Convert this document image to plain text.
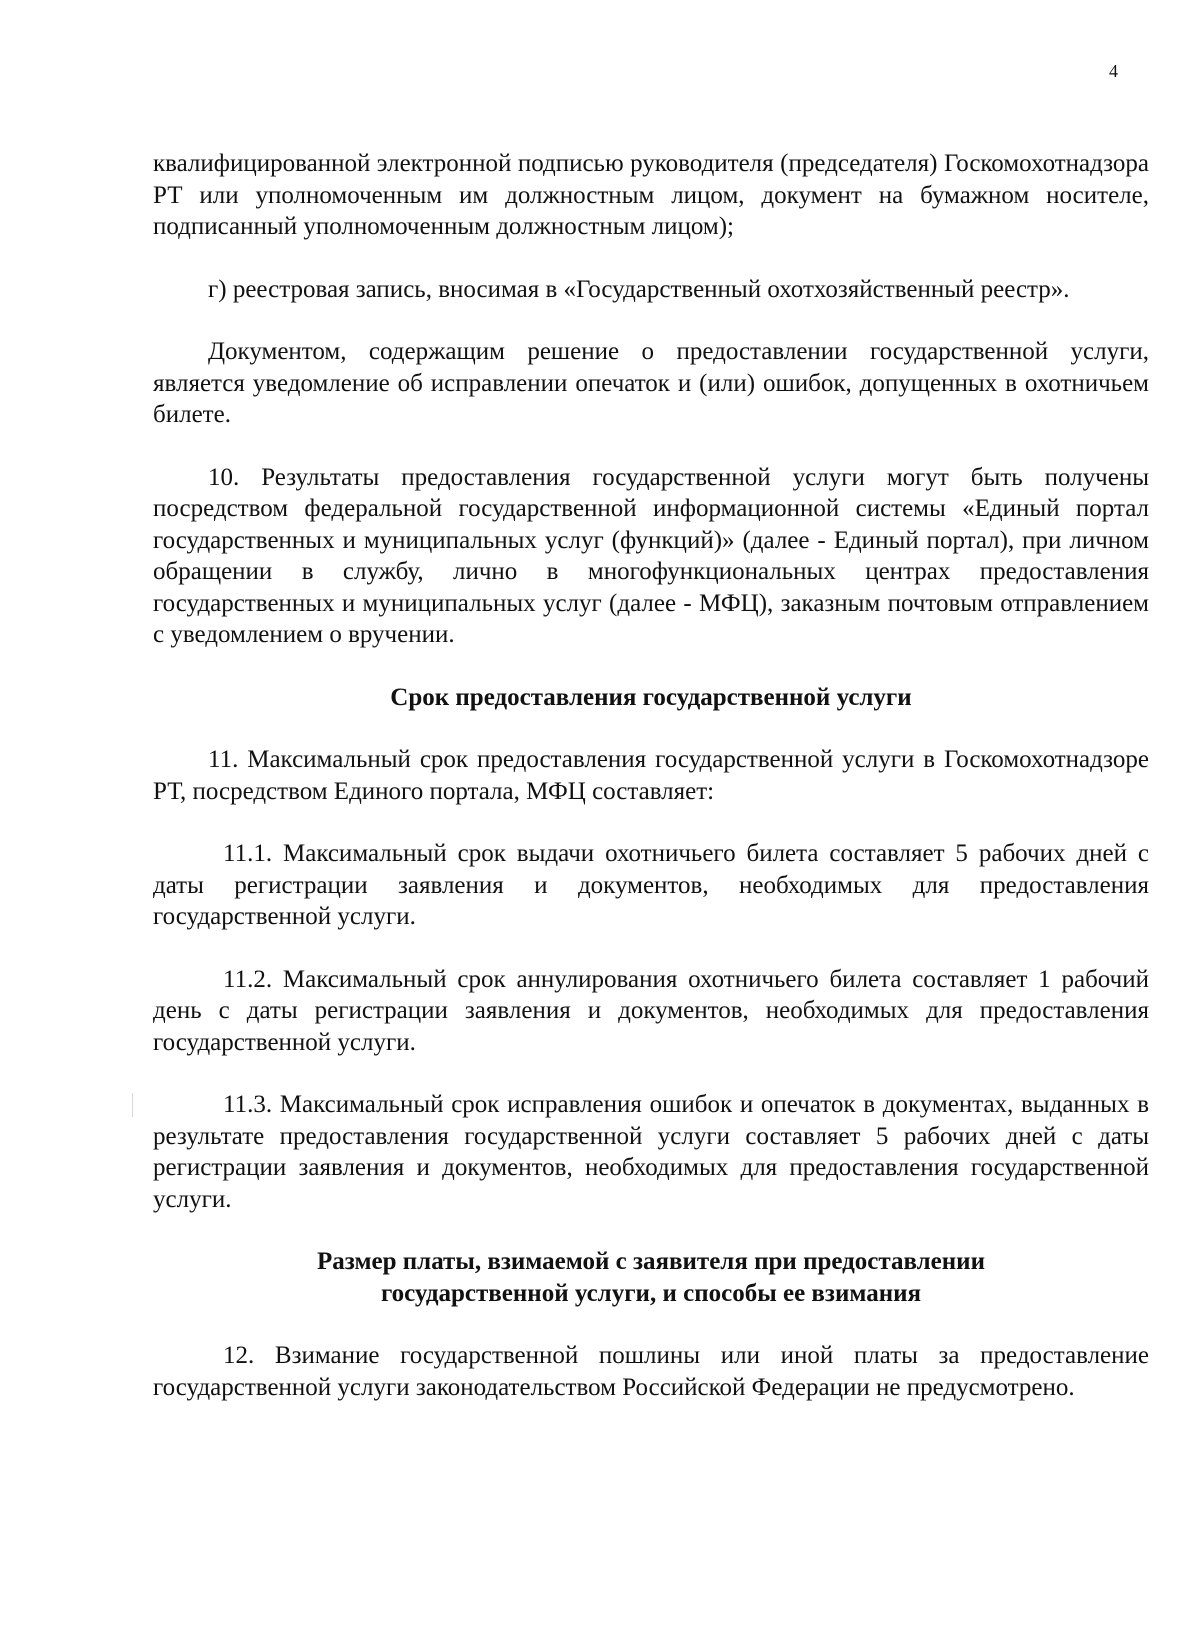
4

квалифицированной электронной подписью руководителя (председателя) Госкомохотнадзора РТ или уполномоченным им должностным лицом, документ на бумажном носителе, подписанный уполномоченным должностным лицом);

г) реестровая запись, вносимая в «Государственный охотхозяйственный реестр».

Документом, содержащим решение о предоставлении государственной услуги, является уведомление об исправлении опечаток и (или) ошибок, допущенных в охотничьем билете.

10. Результаты предоставления государственной услуги могут быть получены посредством федеральной государственной информационной системы «Единый портал государственных и муниципальных услуг (функций)» (далее - Единый портал), при личном обращении в службу, лично в многофункциональных центрах предоставления государственных и муниципальных услуг (далее - МФЦ), заказным почтовым отправлением с уведомлением о вручении.

Срок предоставления государственной услуги

11. Максимальный срок предоставления государственной услуги в Госкомохотнадзоре РТ, посредством Единого портала, МФЦ составляет:

11.1. Максимальный срок выдачи охотничьего билета составляет 5 рабочих дней с даты регистрации заявления и документов, необходимых для предоставления государственной услуги.

11.2. Максимальный срок аннулирования охотничьего билета составляет 1 рабочий день с даты регистрации заявления и документов, необходимых для предоставления государственной услуги.

11.3. Максимальный срок исправления ошибок и опечаток в документах, выданных в результате предоставления государственной услуги составляет 5 рабочих дней с даты регистрации заявления и документов, необходимых для предоставления государственной услуги.

Размер платы, взимаемой с заявителя при предоставлении
государственной услуги, и способы ее взимания

12. Взимание государственной пошлины или иной платы за предоставление государственной услуги законодательством Российской Федерации не предусмотрено.
